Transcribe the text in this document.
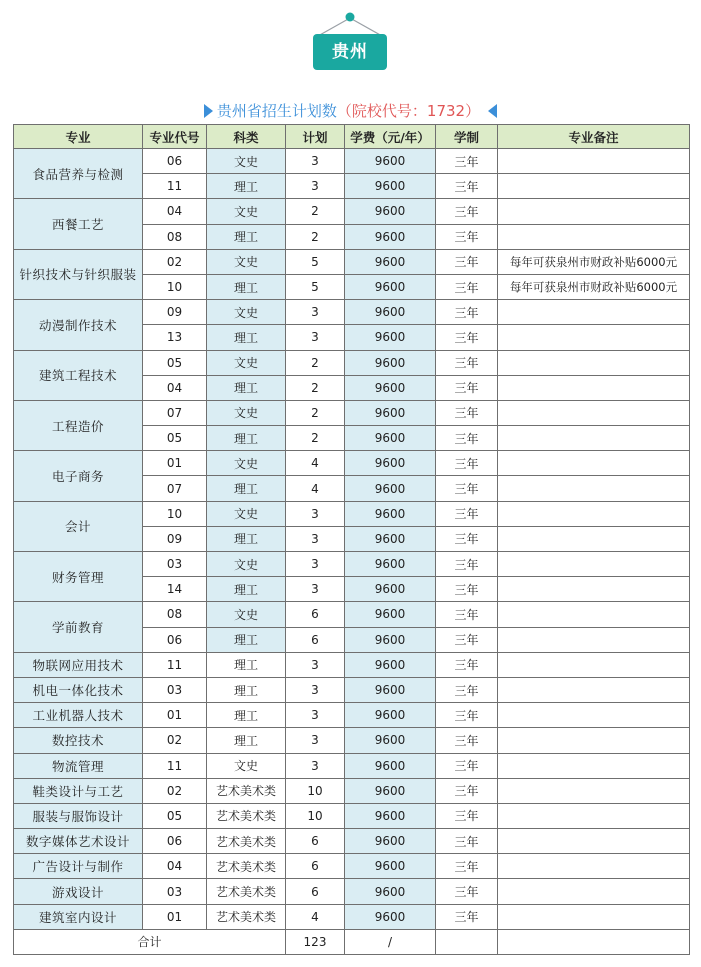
贵州
贵州省招生计划数（院校代号：1732）
专业	专业代号	科类	计划	学费（元/年）	学制	专业备注
食品营养与检测	06	文史	3	9600	三年	
	11	理工	3	9600	三年	
西餐工艺	04	文史	2	9600	三年	
	08	理工	2	9600	三年	
针织技术与针织服装	02	文史	5	9600	三年	每年可获泉州市财政补贴6000元
	10	理工	5	9600	三年	每年可获泉州市财政补贴6000元
动漫制作技术	09	文史	3	9600	三年	
	13	理工	3	9600	三年	
建筑工程技术	05	文史	2	9600	三年	
	04	理工	2	9600	三年	
工程造价	07	文史	2	9600	三年	
	05	理工	2	9600	三年	
电子商务	01	文史	4	9600	三年	
	07	理工	4	9600	三年	
会计	10	文史	3	9600	三年	
	09	理工	3	9600	三年	
财务管理	03	文史	3	9600	三年	
	14	理工	3	9600	三年	
学前教育	08	文史	6	9600	三年	
	06	理工	6	9600	三年	
物联网应用技术	11	理工	3	9600	三年	
机电一体化技术	03	理工	3	9600	三年	
工业机器人技术	01	理工	3	9600	三年	
数控技术	02	理工	3	9600	三年	
物流管理	11	文史	3	9600	三年	
鞋类设计与工艺	02	艺术美术类	10	9600	三年	
服装与服饰设计	05	艺术美术类	10	9600	三年	
数字媒体艺术设计	06	艺术美术类	6	9600	三年	
广告设计与制作	04	艺术美术类	6	9600	三年	
游戏设计	03	艺术美术类	6	9600	三年	
建筑室内设计	01	艺术美术类	4	9600	三年	
合计			123	/		
